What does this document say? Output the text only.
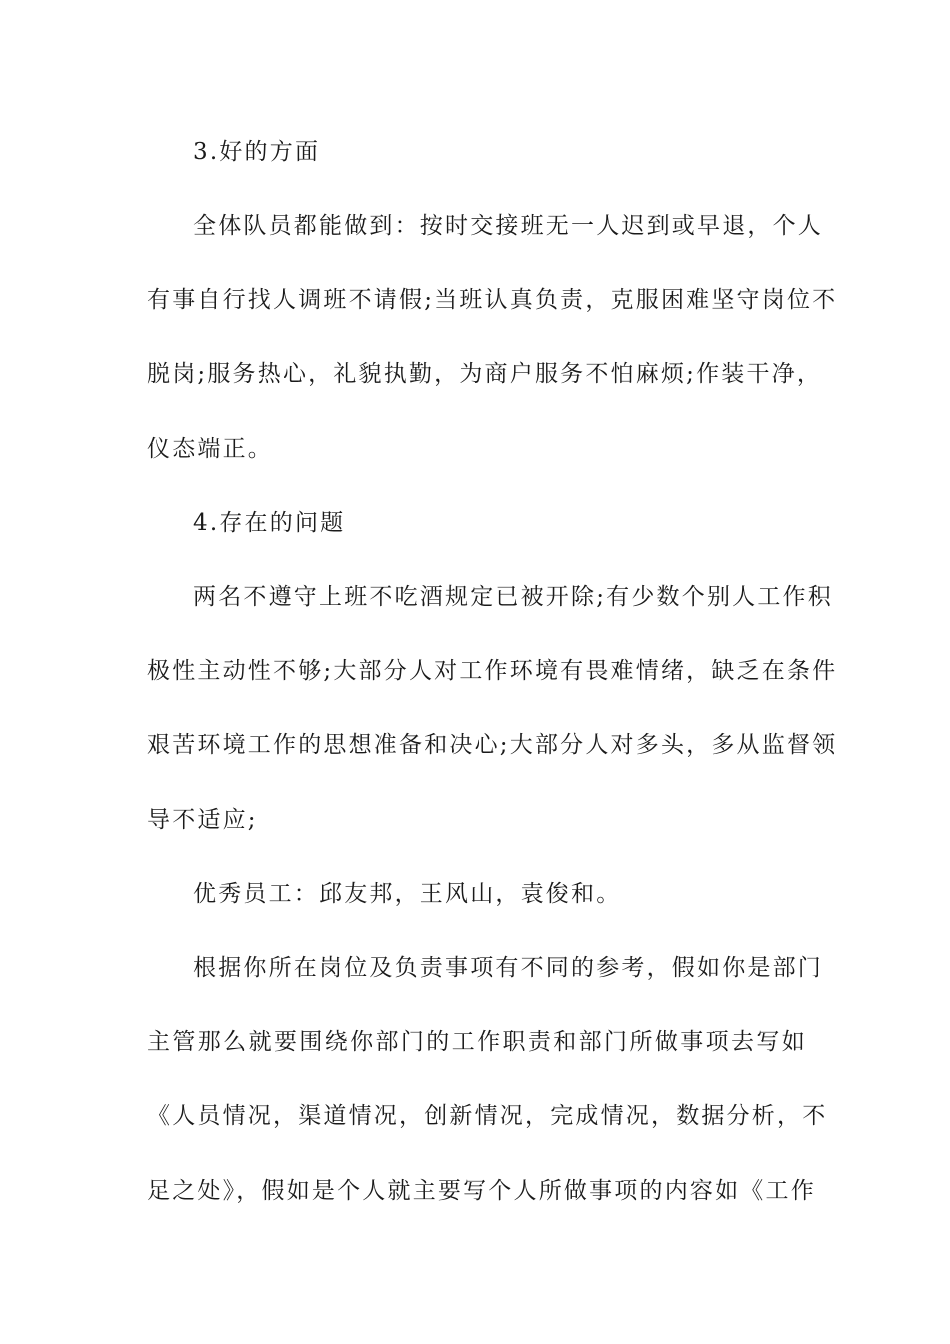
3.好的方面
全体队员都能做到：按时交接班无一人迟到或早退，个人
有事自行找人调班不请假;当班认真负责，克服困难坚守岗位不
脱岗;服务热心，礼貌执勤，为商户服务不怕麻烦;作装干净，
仪态端正。
4.存在的问题
两名不遵守上班不吃酒规定已被开除;有少数个别人工作积
极性主动性不够;大部分人对工作环境有畏难情绪，缺乏在条件
艰苦环境工作的思想准备和决心;大部分人对多头，多从监督领
导不适应;
优秀员工：邱友邦，王风山，袁俊和。
根据你所在岗位及负责事项有不同的参考，假如你是部门
主管那么就要围绕你部门的工作职责和部门所做事项去写如
《人员情况，渠道情况，创新情况，完成情况，数据分析，不
足之处》，假如是个人就主要写个人所做事项的内容如《工作
